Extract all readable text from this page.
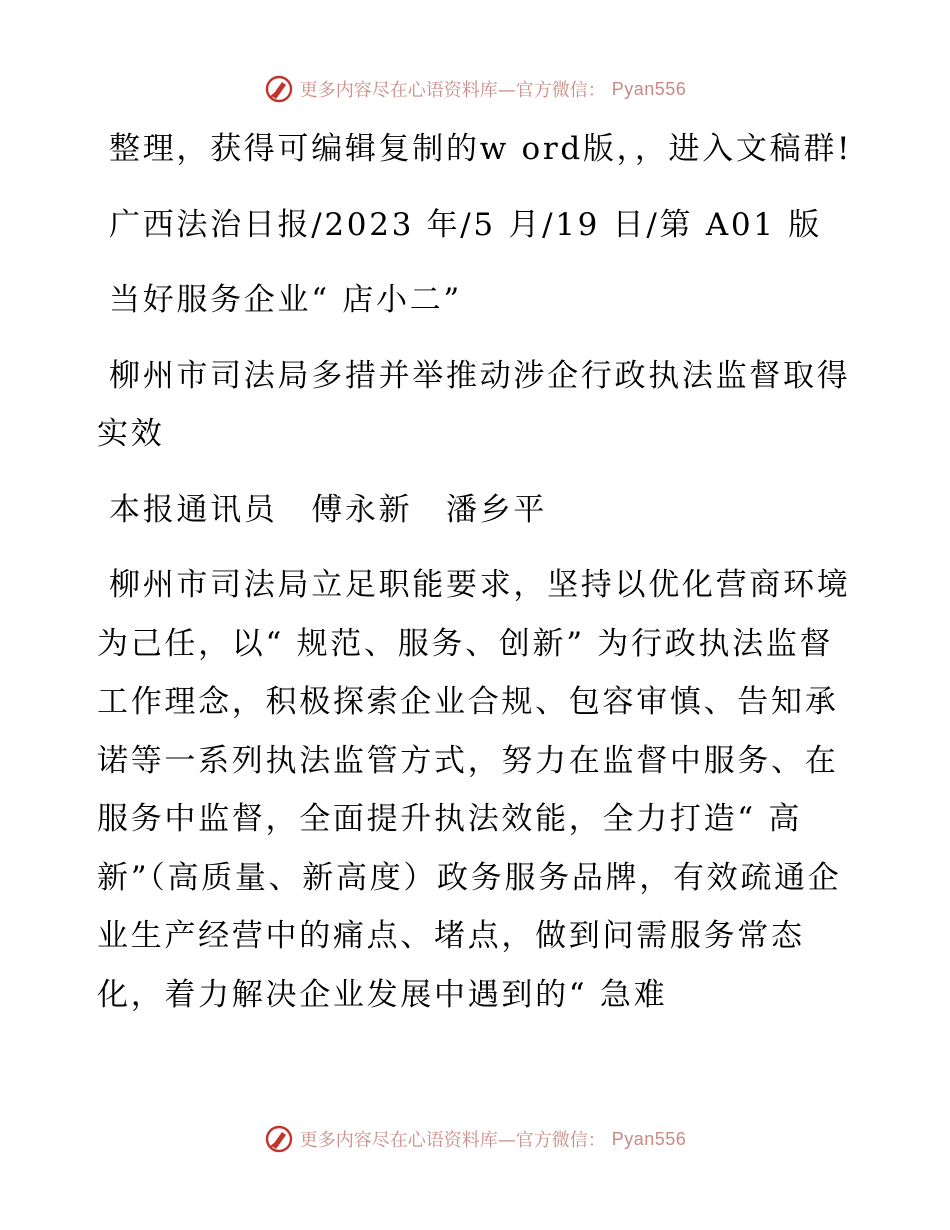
更多内容尽在心语资料库—官方微信： Pyan556

整理，获得可编辑复制的w ord版，，进入文稿群!

广西法治日报/2023 年/5 月/19 日/第 A01 版

当好服务企业“ 店小二”

柳州市司法局多措并举推动涉企行政执法监督取得实效

本报通讯员　傅永新　潘乡平

柳州市司法局立足职能要求，坚持以优化营商环境为己任，以“ 规范、服务、创新” 为行政执法监督工作理念，积极探索企业合规、包容审慎、告知承诺等一系列执法监管方式，努力在监督中服务、在服务中监督，全面提升执法效能，全力打造“ 高新”（高质量、新高度）政务服务品牌，有效疏通企业生产经营中的痛点、堵点，做到问需服务常态化，着力解决企业发展中遇到的“ 急难

更多内容尽在心语资料库—官方微信： Pyan556
